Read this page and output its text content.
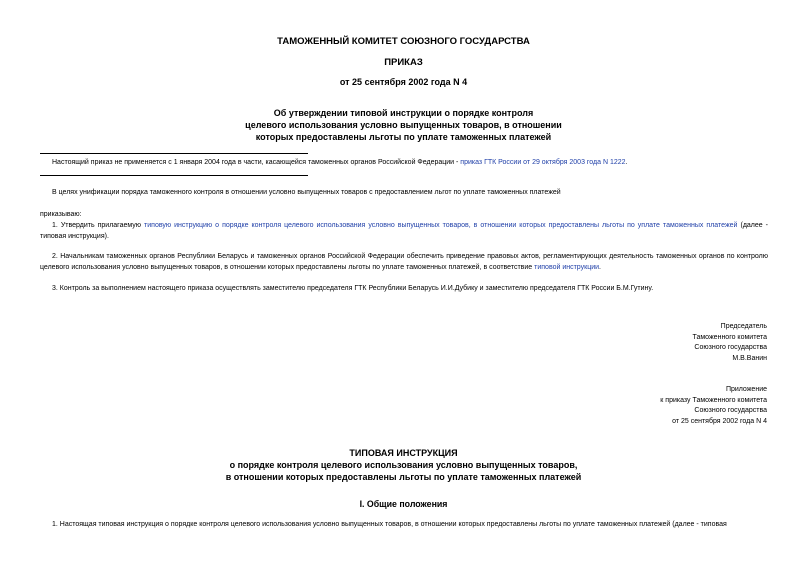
ТАМОЖЕННЫЙ КОМИТЕТ СОЮЗНОГО ГОСУДАРСТВА
ПРИКАЗ
от 25 сентября 2002 года N 4
Об утверждении типовой инструкции о порядке контроля
целевого использования условно выпущенных товаров, в отношении
которых предоставлены льготы по уплате таможенных платежей
Настоящий приказ не применяется с 1 января 2004 года в части, касающейся таможенных органов Российской Федерации - приказ ГТК России от 29 октября 2003 года N 1222.
В целях унификации порядка таможенного контроля в отношении условно выпущенных товаров с предоставлением льгот по уплате таможенных платежей
приказываю:
1. Утвердить прилагаемую типовую инструкцию о порядке контроля целевого использования условно выпущенных товаров, в отношении которых предоставлены льготы по уплате таможенных платежей (далее - типовая инструкция).
2. Начальникам таможенных органов Республики Беларусь и таможенных органов Российской Федерации обеспечить приведение правовых актов, регламентирующих деятельность таможенных органов по контролю целевого использования условно выпущенных товаров, в отношении которых предоставлены льготы по уплате таможенных платежей, в соответствие типовой инструкции.
3. Контроль за выполнением настоящего приказа осуществлять заместителю председателя ГТК Республики Беларусь И.И.Дубику и заместителю председателя ГТК России Б.М.Гутину.
Председатель
Таможенного комитета
Союзного государства
М.В.Ванин
Приложение
к приказу Таможенного комитета
Союзного государства
от 25 сентября 2002 года N 4
ТИПОВАЯ ИНСТРУКЦИЯ
о порядке контроля целевого использования условно выпущенных товаров,
в отношении которых предоставлены льготы по уплате таможенных платежей
I. Общие положения
1. Настоящая типовая инструкция о порядке контроля целевого использования условно выпущенных товаров, в отношении которых предоставлены льготы по уплате таможенных платежей (далее - типовая
